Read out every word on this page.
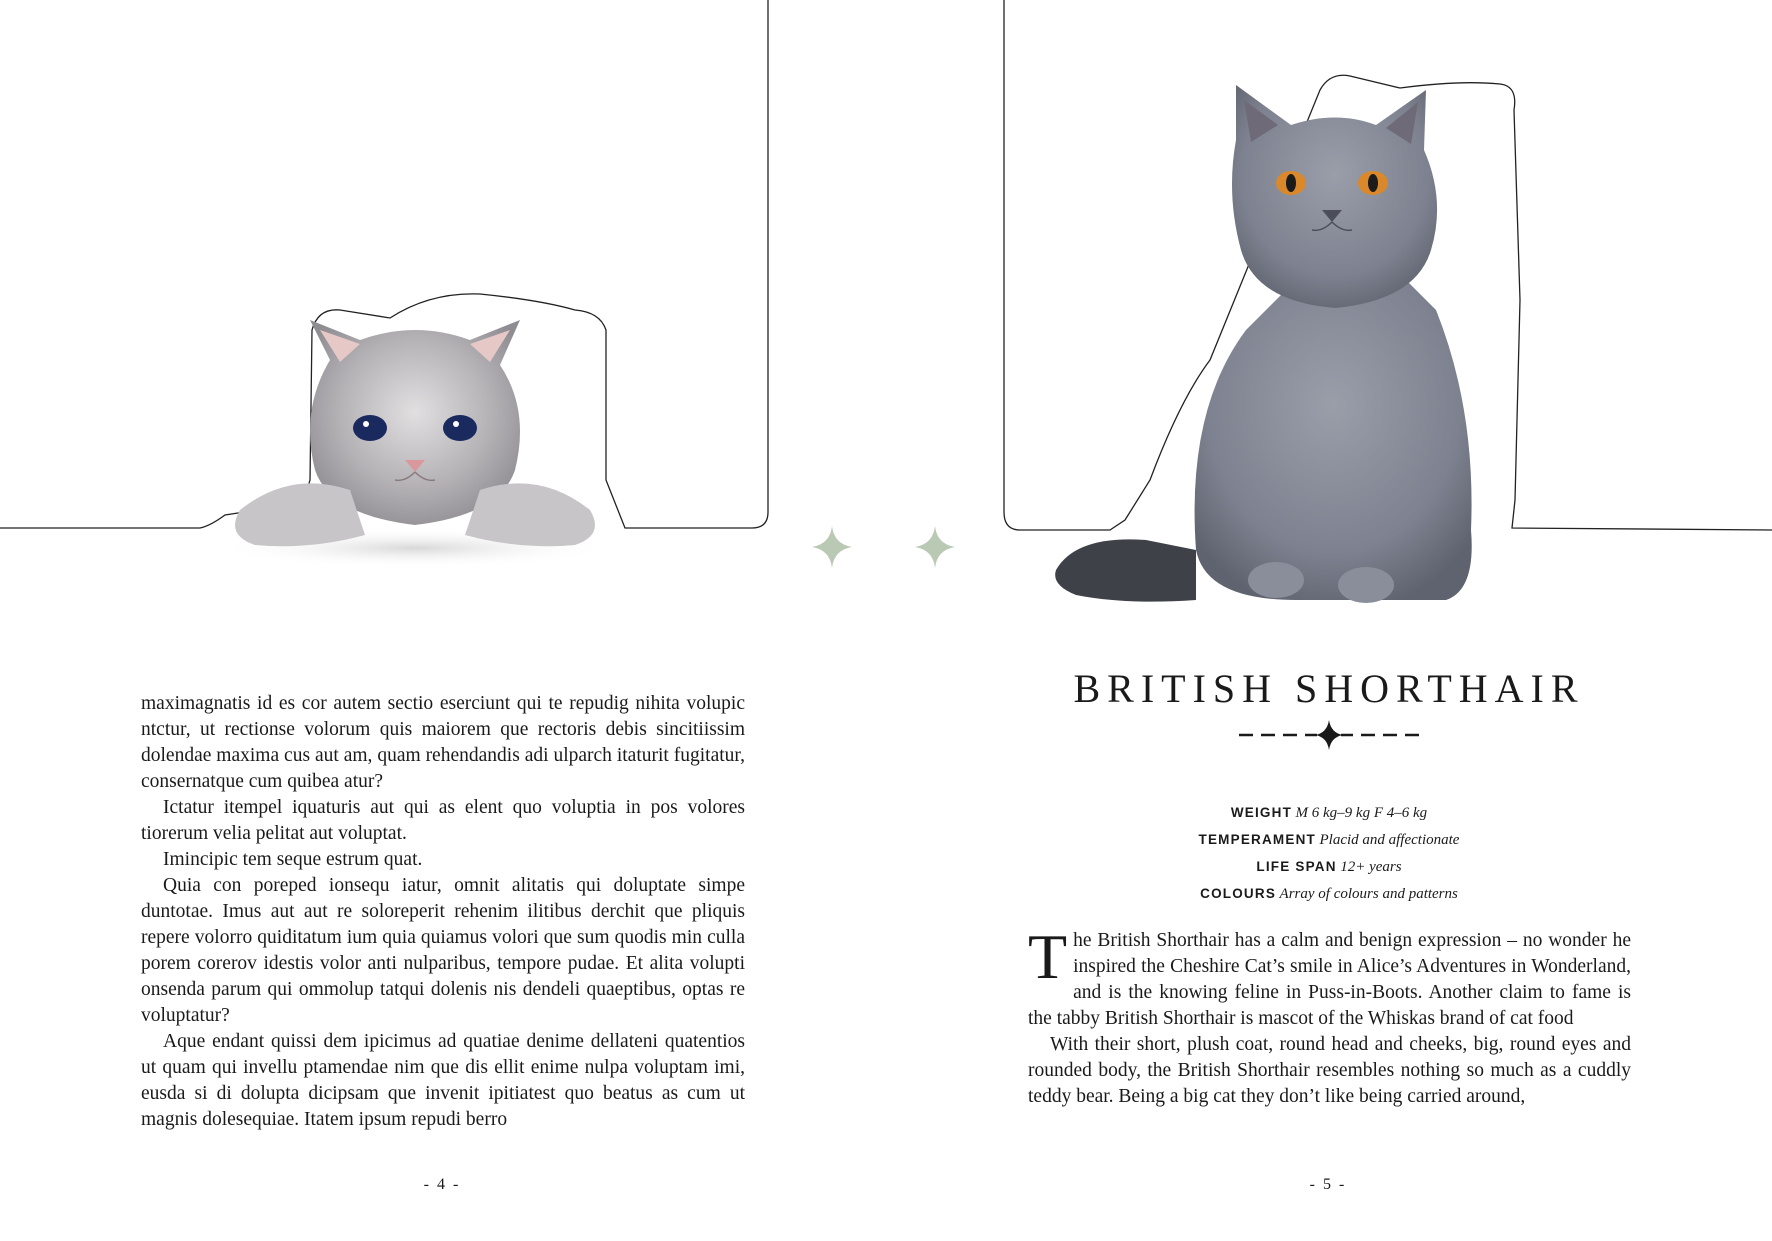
maximagnatis id es cor autem sectio eserciunt qui te repudig nihita volupic ntctur, ut rectionse volorum quis maiorem que rectoris debis sincitiissim dolendae maxima cus aut am, quam rehendandis adi ulparch itaturit fugitatur, consernatque cum quibea atur?

Ictatur itempel iquaturis aut qui as elent quo voluptia in pos volores tiorerum velia pelitat aut voluptat.

Imincipic tem seque estrum quat.

Quia con poreped ionsequ iatur, omnit alitatis qui doluptate simpe duntotae. Imus aut aut re soloreperit rehenim ilitibus derchit que pliquis repere volorro quiditatum ium quia quiamus volori que sum quodis min culla porem corerov idestis volor anti nulparibus, tempore pudae. Et alita volupti onsenda parum qui ommolup tatqui dolenis nis dendeli quaeptibus, optas re voluptatur?

Aque endant quissi dem ipicimus ad quatiae denime dellateni quatentios ut quam qui invellu ptamendae nim que dis ellit enime nulpa voluptam imi, eusda si di dolupta dicipsam que invenit ipitiatest quo beatus as cum ut magnis dolesequiae. Itatem ipsum repudi berro

- 4 -
BRITISH SHORTHAIR
WEIGHT M 6 kg–9 kg F 4–6 kg
TEMPERAMENT Placid and affectionate
LIFE SPAN 12+ years
COLOURS Array of colours and patterns

The British Shorthair has a calm and benign expression – no wonder he inspired the Cheshire Cat’s smile in Alice’s Adventures in Wonderland, and is the knowing feline in Puss-in-Boots. Another claim to fame is the tabby British Shorthair is mascot of the Whiskas brand of cat food

With their short, plush coat, round head and cheeks, big, round eyes and rounded body, the British Shorthair resembles nothing so much as a cuddly teddy bear. Being a big cat they don’t like being carried around,

- 5 -
